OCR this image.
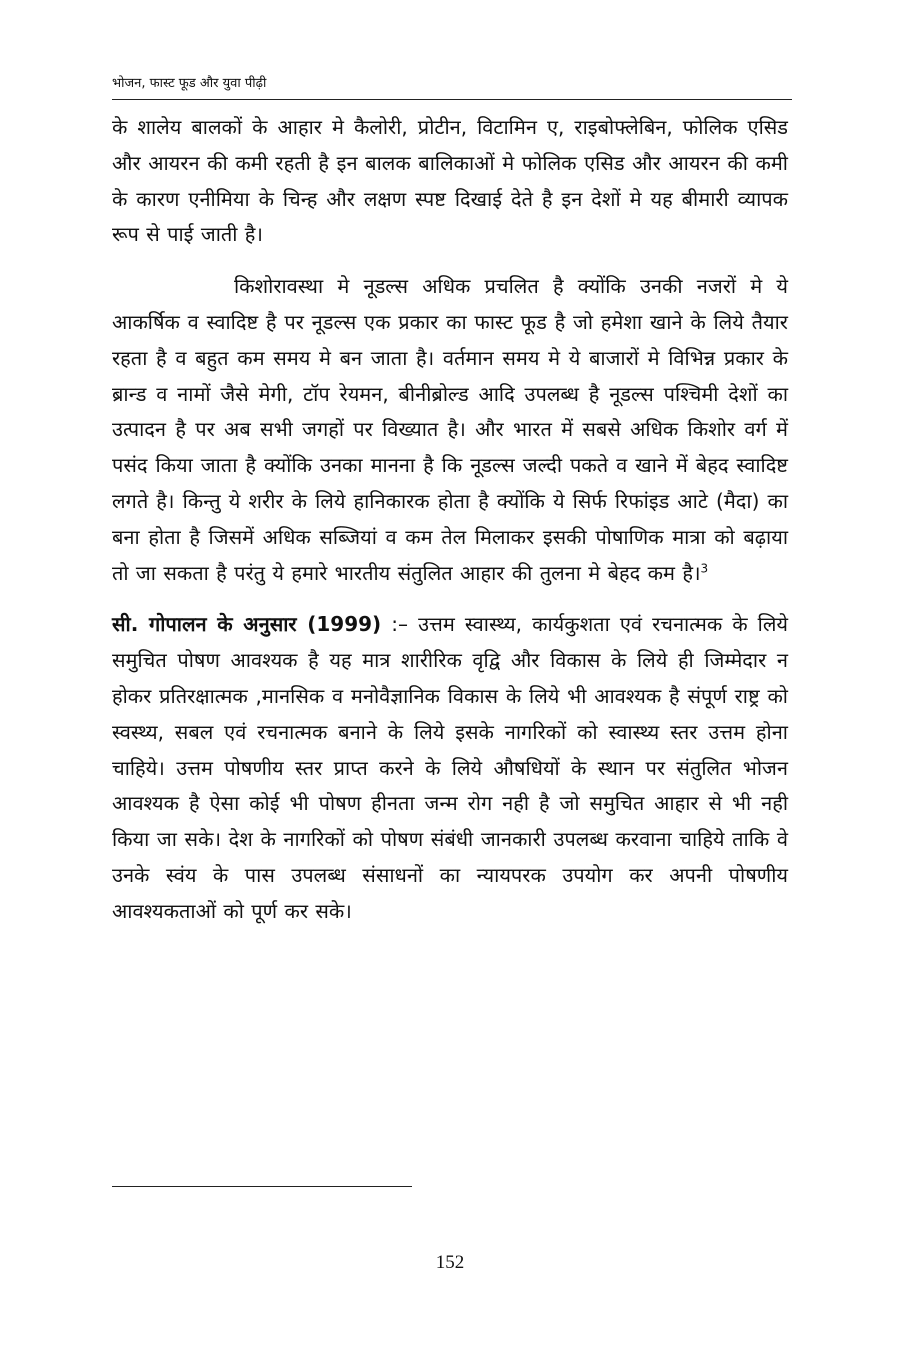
भोजन, फास्ट फूड और युवा पीढ़ी

के शालेय बालकों के आहार मे कैलोरी, प्रोटीन, विटामिन ए, राइबोफ्लेबिन, फोलिक एसिड और आयरन की कमी रहती है इन बालक बालिकाओं मे फोलिक एसिड और आयरन की कमी के कारण एनीमिया के चिन्ह और लक्षण स्पष्ट दिखाई देते है इन देशों मे यह बीमारी व्यापक रूप से पाई जाती है।

किशोरावस्था मे नूडल्स अधिक प्रचलित है क्योंकि उनकी नजरों मे ये आकर्षिक व स्वादिष्ट है पर नूडल्स एक प्रकार का फास्ट फूड है जो हमेशा खाने के लिये तैयार रहता है व बहुत कम समय मे बन जाता है। वर्तमान समय मे ये बाजारों मे विभिन्न प्रकार के ब्रान्ड व नामों जैसे मेगी, टॉप रेयमन, बीनीब्रोल्ड आदि उपलब्ध है नूडल्स पश्चिमी देशों का उत्पादन है पर अब सभी जगहों पर विख्यात है। और भारत में सबसे अधिक किशोर वर्ग में पसंद किया जाता है क्योंकि उनका मानना है कि नूडल्स जल्दी पकते व खाने में बेहद स्वादिष्ट लगते है। किन्तु ये शरीर के लिये हानिकारक होता है क्योंकि ये सिर्फ रिफांइड आटे (मैदा) का बना होता है जिसमें अधिक सब्जियां व कम तेल मिलाकर इसकी पोषाणिक मात्रा को बढ़ाया तो जा सकता है परंतु ये हमारे भारतीय संतुलित आहार की तुलना मे बेहद कम है।$^3$

सी. गोपालन के अनुसार (1999) :– उत्तम स्वास्थ्य, कार्यकुशता एवं रचनात्मक के लिये समुचित पोषण आवश्यक है यह मात्र शारीरिक वृद्वि और विकास के लिये ही जिम्मेदार न होकर प्रतिरक्षात्मक ,मानसिक व मनोवैज्ञानिक विकास के लिये भी आवश्यक है संपूर्ण राष्ट्र को स्वस्थ्य, सबल एवं रचनात्मक बनाने के लिये इसके नागरिकों को स्वास्थ्य स्तर उत्तम होना चाहिये। उत्तम पोषणीय स्तर प्राप्त करने के लिये औषधियों के स्थान पर संतुलित भोजन आवश्यक है ऐसा कोई भी पोषण हीनता जन्म रोग नही है जो समुचित आहार से भी नही किया जा सके। देश के नागरिकों को पोषण संबंधी जानकारी उपलब्ध करवाना चाहिये ताकि वे उनके स्वंय के पास उपलब्ध संसाधनों का न्यायपरक उपयोग कर अपनी पोषणीय आवश्यकताओं को पूर्ण कर सके।

152
